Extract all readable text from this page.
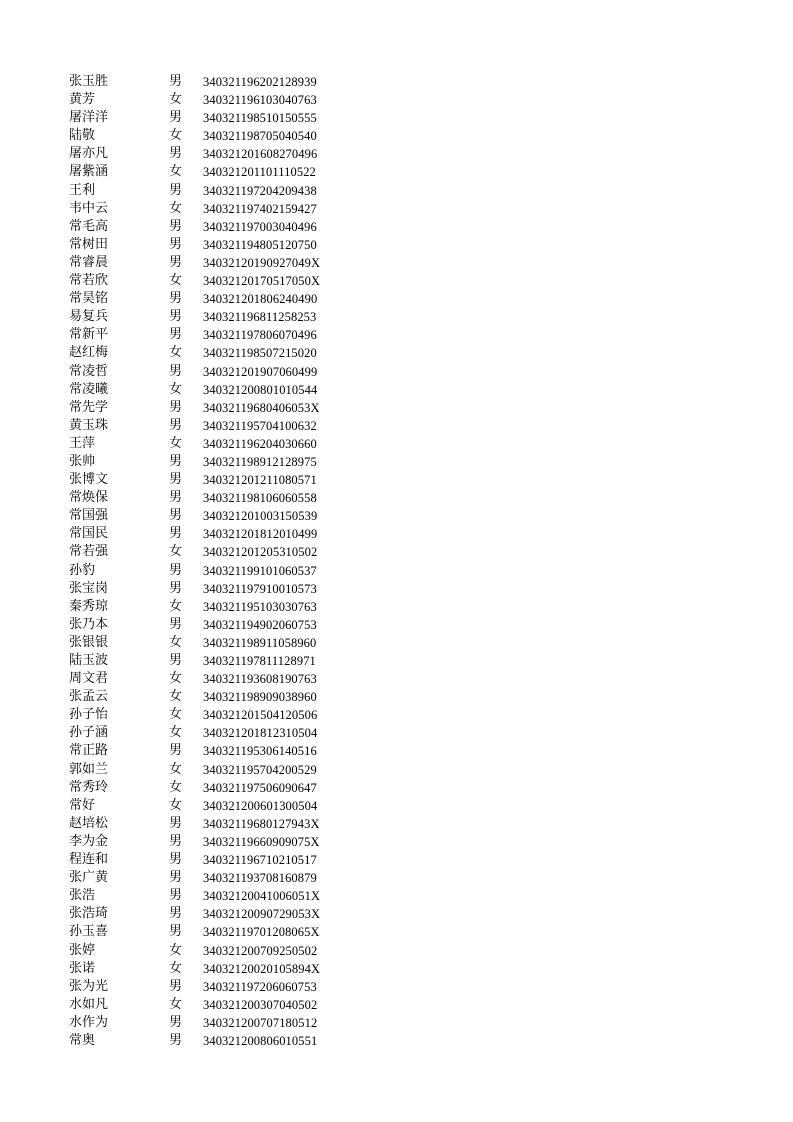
张玉胜	男	340321196202128939
黄芳	女	340321196103040763
屠洋洋	男	340321198510150555
陆敬	女	340321198705040540
屠亦凡	男	340321201608270496
屠紫涵	女	340321201101110522
王利	男	340321197204209438
韦中云	女	340321197402159427
常毛高	男	340321197003040496
常树田	男	340321194805120750
常睿晨	男	34032120190927049X
常若欣	女	34032120170517050X
常昊铭	男	340321201806240490
易复兵	男	340321196811258253
常新平	男	340321197806070496
赵红梅	女	340321198507215020
常凌哲	男	340321201907060499
常凌曦	女	340321200801010544
常先学	男	34032119680406053X
黄玉珠	男	340321195704100632
王萍	女	340321196204030660
张帅	男	340321198912128975
张博文	男	340321201211080571
常焕保	男	340321198106060558
常国强	男	340321201003150539
常国民	男	340321201812010499
常若强	女	340321201205310502
孙豹	男	340321199101060537
张宝岗	男	340321197910010573
秦秀琼	女	340321195103030763
张乃本	男	340321194902060753
张银银	女	340321198911058960
陆玉波	男	340321197811128971
周文君	女	340321193608190763
张孟云	女	340321198909038960
孙子怡	女	340321201504120506
孙子涵	女	340321201812310504
常正路	男	340321195306140516
郭如兰	女	340321195704200529
常秀玲	女	340321197506090647
常好	女	340321200601300504
赵培松	男	34032119680127943X
李为金	男	34032119660909075X
程连和	男	340321196710210517
张广黄	男	340321193708160879
张浩	男	34032120041006051X
张浩琦	男	34032120090729053X
孙玉喜	男	34032119701208065X
张婷	女	340321200709250502
张诺	女	34032120020105894X
张为光	男	340321197206060753
水如凡	女	340321200307040502
水作为	男	340321200707180512
常奥	男	340321200806010551
